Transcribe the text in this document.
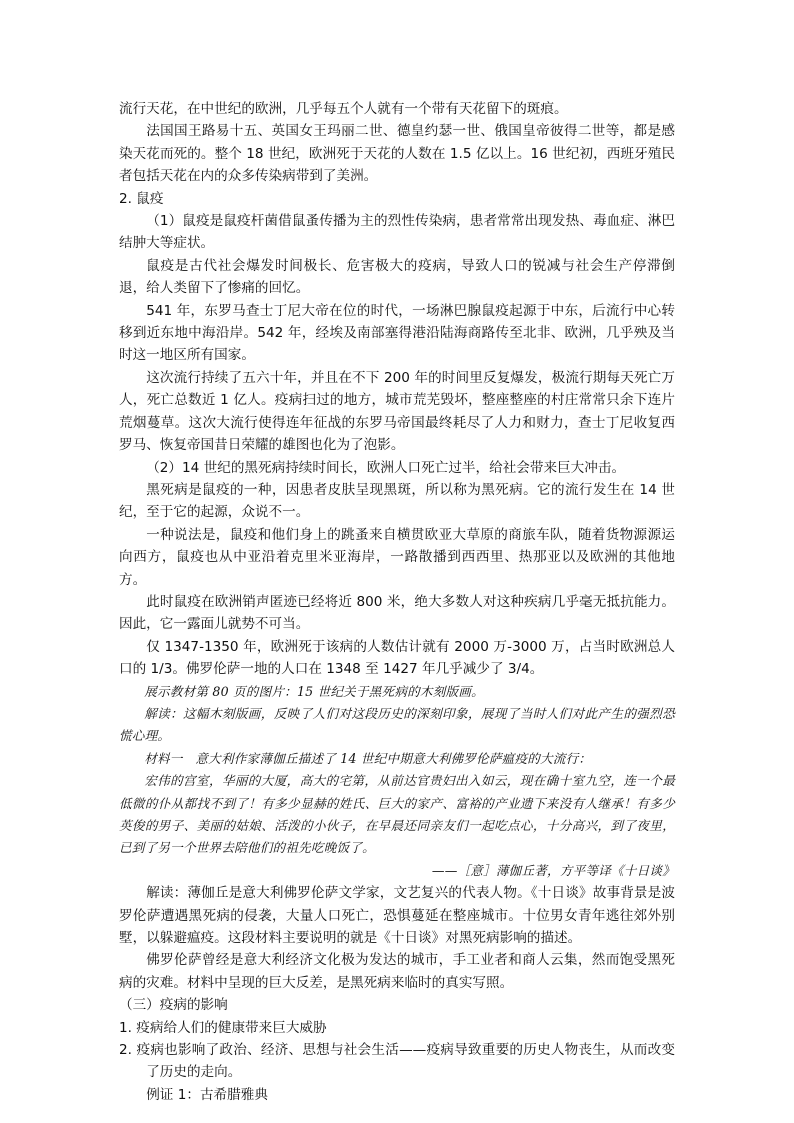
流行天花，在中世纪的欧洲，几乎每五个人就有一个带有天花留下的斑痕。

法国国王路易十五、英国女王玛丽二世、德皇约瑟一世、俄国皇帝彼得二世等，都是感染天花而死的。整个 18 世纪，欧洲死于天花的人数在 1.5 亿以上。16 世纪初，西班牙殖民者包括天花在内的众多传染病带到了美洲。

2. 鼠疫

（1）鼠疫是鼠疫杆菌借鼠蚤传播为主的烈性传染病，患者常常出现发热、毒血症、淋巴结肿大等症状。

鼠疫是古代社会爆发时间极长、危害极大的疫病，导致人口的锐减与社会生产停滞倒退，给人类留下了惨痛的回忆。

541 年，东罗马查士丁尼大帝在位的时代，一场淋巴腺鼠疫起源于中东，后流行中心转移到近东地中海沿岸。542 年，经埃及南部塞得港沿陆海商路传至北非、欧洲，几乎殃及当时这一地区所有国家。

这次流行持续了五六十年，并且在不下 200 年的时间里反复爆发，极流行期每天死亡万人，死亡总数近 1 亿人。疫病扫过的地方，城市荒芜毁坏，整座整座的村庄常常只余下连片荒烟蔓草。这次大流行使得连年征战的东罗马帝国最终耗尽了人力和财力，查士丁尼收复西罗马、恢复帝国昔日荣耀的雄图也化为了泡影。

（2）14 世纪的黑死病持续时间长，欧洲人口死亡过半，给社会带来巨大冲击。

黑死病是鼠疫的一种，因患者皮肤呈现黑斑，所以称为黑死病。它的流行发生在 14 世纪，至于它的起源，众说不一。

一种说法是，鼠疫和他们身上的跳蚤来自横贯欧亚大草原的商旅车队，随着货物源源运向西方，鼠疫也从中亚沿着克里米亚海岸，一路散播到西西里、热那亚以及欧洲的其他地方。

此时鼠疫在欧洲销声匿迹已经将近 800 米，绝大多数人对这种疾病几乎毫无抵抗能力。因此，它一露面儿就势不可当。

仅 1347-1350 年，欧洲死于该病的人数估计就有 2000 万-3000 万，占当时欧洲总人口的 1/3。佛罗伦萨一地的人口在 1348 至 1427 年几乎减少了 3/4。

展示教材第 80 页的图片：15 世纪关于黑死病的木刻版画。

解读：这幅木刻版画，反映了人们对这段历史的深刻印象，展现了当时人们对此产生的强烈恐慌心理。

材料一　意大利作家薄伽丘描述了 14 世纪中期意大利佛罗伦萨瘟疫的大流行：

宏伟的宫室，华丽的大厦，高大的宅第，从前达官贵妇出入如云，现在确十室九空，连一个最低微的仆从都找不到了！有多少显赫的姓氏、巨大的家产、富裕的产业遗下来没有人继承！有多少英俊的男子、美丽的姑娘、活泼的小伙子，在早晨还同亲友们一起吃点心，十分高兴，到了夜里，已到了另一个世界去陪他们的祖先吃晚饭了。

——［意］薄伽丘著，方平等译《十日谈》

解读：薄伽丘是意大利佛罗伦萨文学家，文艺复兴的代表人物。《十日谈》故事背景是波罗伦萨遭遇黑死病的侵袭，大量人口死亡，恐惧蔓延在整座城市。十位男女青年逃往郊外别墅，以躲避瘟疫。这段材料主要说明的就是《十日谈》对黑死病影响的描述。

佛罗伦萨曾经是意大利经济文化极为发达的城市，手工业者和商人云集，然而饱受黑死病的灾难。材料中呈现的巨大反差，是黑死病来临时的真实写照。

（三）疫病的影响

1. 疫病给人们的健康带来巨大威胁

2. 疫病也影响了政治、经济、思想与社会生活——疫病导致重要的历史人物丧生，从而改变了历史的走向。

例证 1：古希腊雅典
